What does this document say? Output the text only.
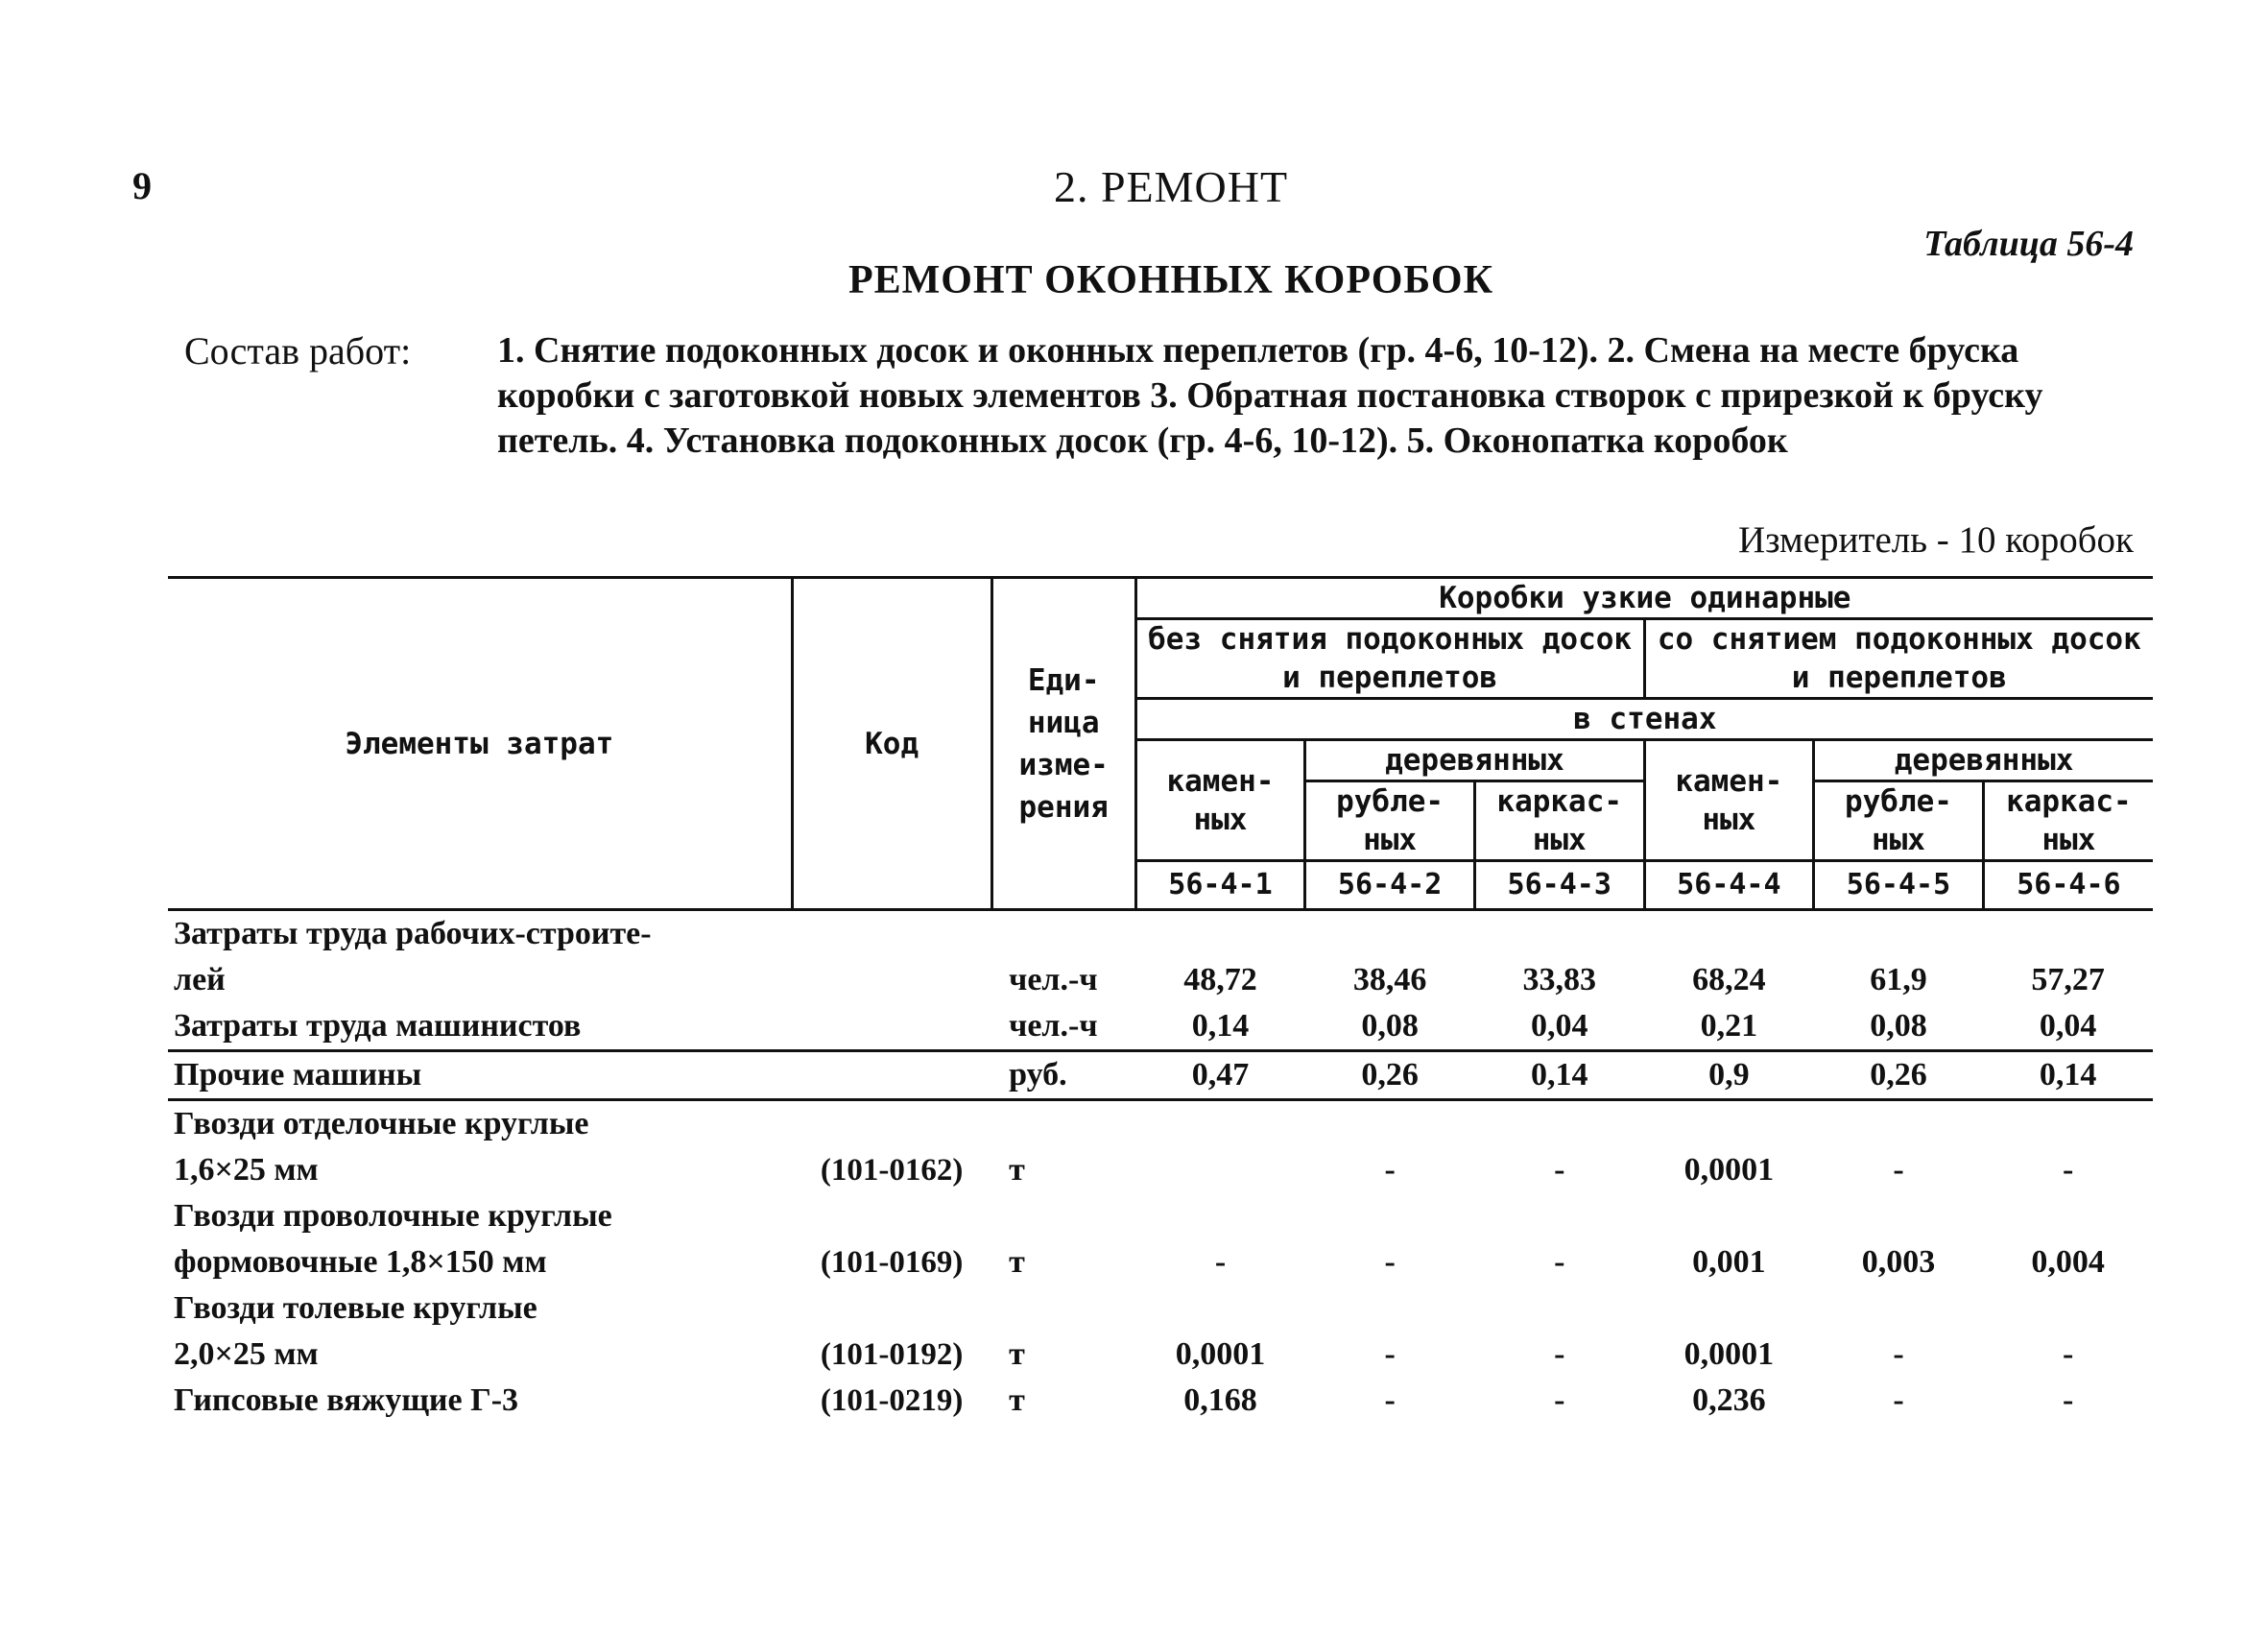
9	2. РЕМОНТ
Таблица 56-4
РЕМОНТ ОКОННЫХ КОРОБОК
Состав работ: 1. Снятие подоконных досок и оконных переплетов (гр. 4-6, 10-12). 2. Смена на месте бруска коробки с заготовкой новых элементов 3. Обратная постановка створок с прирезкой к бруску петель. 4. Установка подоконных досок (гр. 4-6, 10-12). 5. Оконопатка коробок
Измеритель - 10 коробок
Элементы затрат	Код	Еди-ница изме-рения	Коробки узкие одинарные					
			без снятия подоконных досок и переплетов			со снятием подоконных досок и переплетов		
			в стенах					
			камен-ных	деревянных		камен-ных	деревянных	
				рубле-ных	каркас-ных		рубле-ных	каркас-ных
			56-4-1	56-4-2	56-4-3	56-4-4	56-4-5	56-4-6
Затраты труда рабочих-строите-								
лей		чел.-ч	48,72	38,46	33,83	68,24	61,9	57,27
Затраты труда машинистов		чел.-ч	0,14	0,08	0,04	0,21	0,08	0,04
Прочие машины		руб.	0,47	0,26	0,14	0,9	0,26	0,14
Гвозди отделочные круглые								
1,6×25 мм	(101-0162)	т		-	-	0,0001	-	-
Гвозди проволочные круглые								
формовочные 1,8×150 мм	(101-0169)	т	-	-	-	0,001	0,003	0,004
Гвозди толевые круглые								
2,0×25 мм	(101-0192)	т	0,0001	-	-	0,0001	-	-
Гипсовые вяжущие Г-3	(101-0219)	т	0,168	-	-	0,236	-	-
